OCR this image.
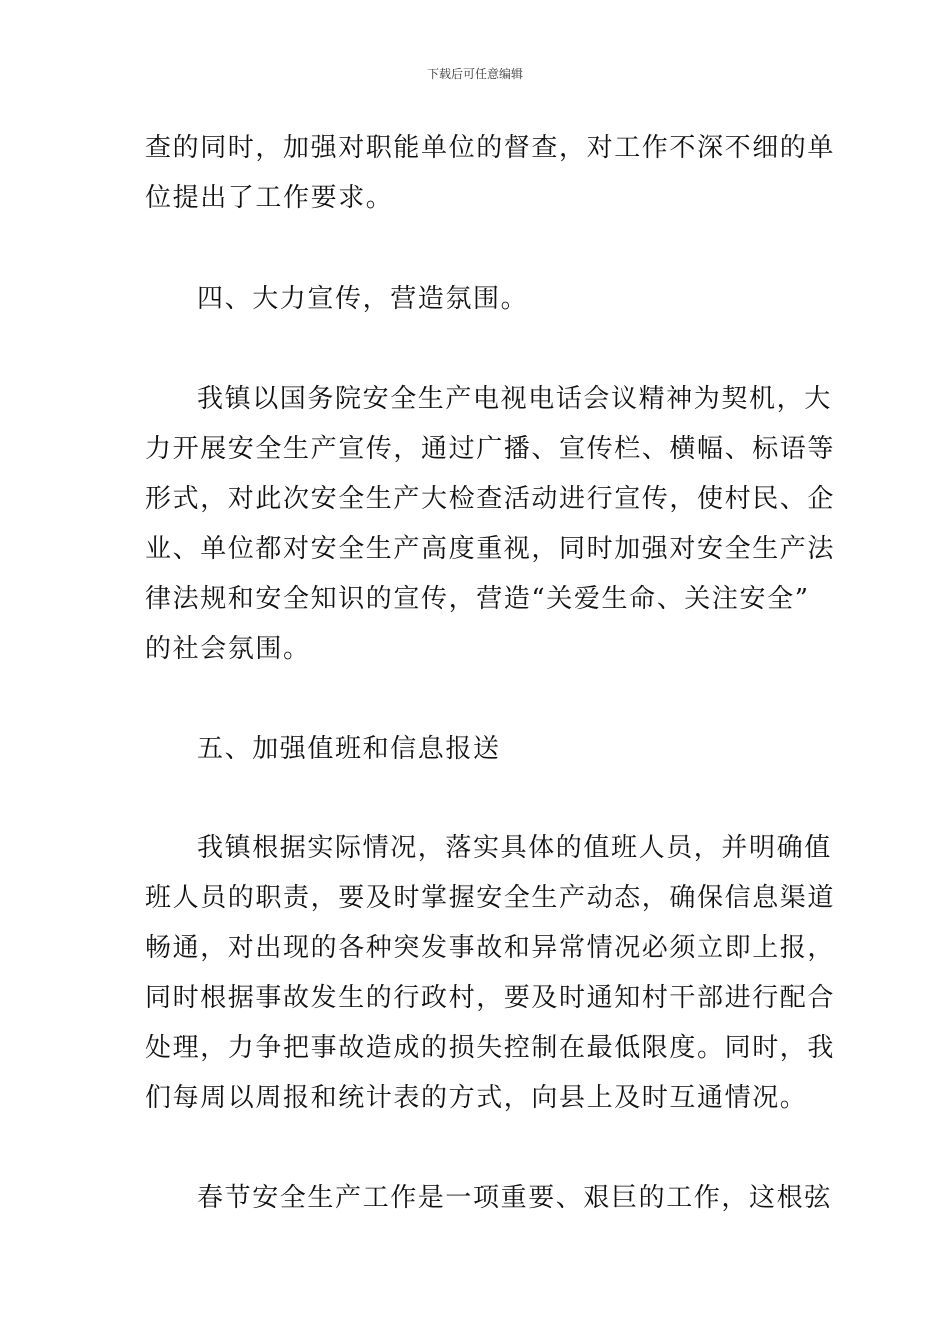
下载后可任意编辑
查的同时，加强对职能单位的督查，对工作不深不细的单
位提出了工作要求。
四、大力宣传，营造氛围。
我镇以国务院安全生产电视电话会议精神为契机，大
力开展安全生产宣传，通过广播、宣传栏、横幅、标语等
形式，对此次安全生产大检查活动进行宣传，使村民、企
业、单位都对安全生产高度重视，同时加强对安全生产法
律法规和安全知识的宣传，营造“关爱生命、关注安全”
的社会氛围。
五、加强值班和信息报送
我镇根据实际情况，落实具体的值班人员，并明确值
班人员的职责，要及时掌握安全生产动态，确保信息渠道
畅通，对出现的各种突发事故和异常情况必须立即上报，
同时根据事故发生的行政村，要及时通知村干部进行配合
处理，力争把事故造成的损失控制在最低限度。同时，我
们每周以周报和统计表的方式，向县上及时互通情况。
春节安全生产工作是一项重要、艰巨的工作，这根弦
